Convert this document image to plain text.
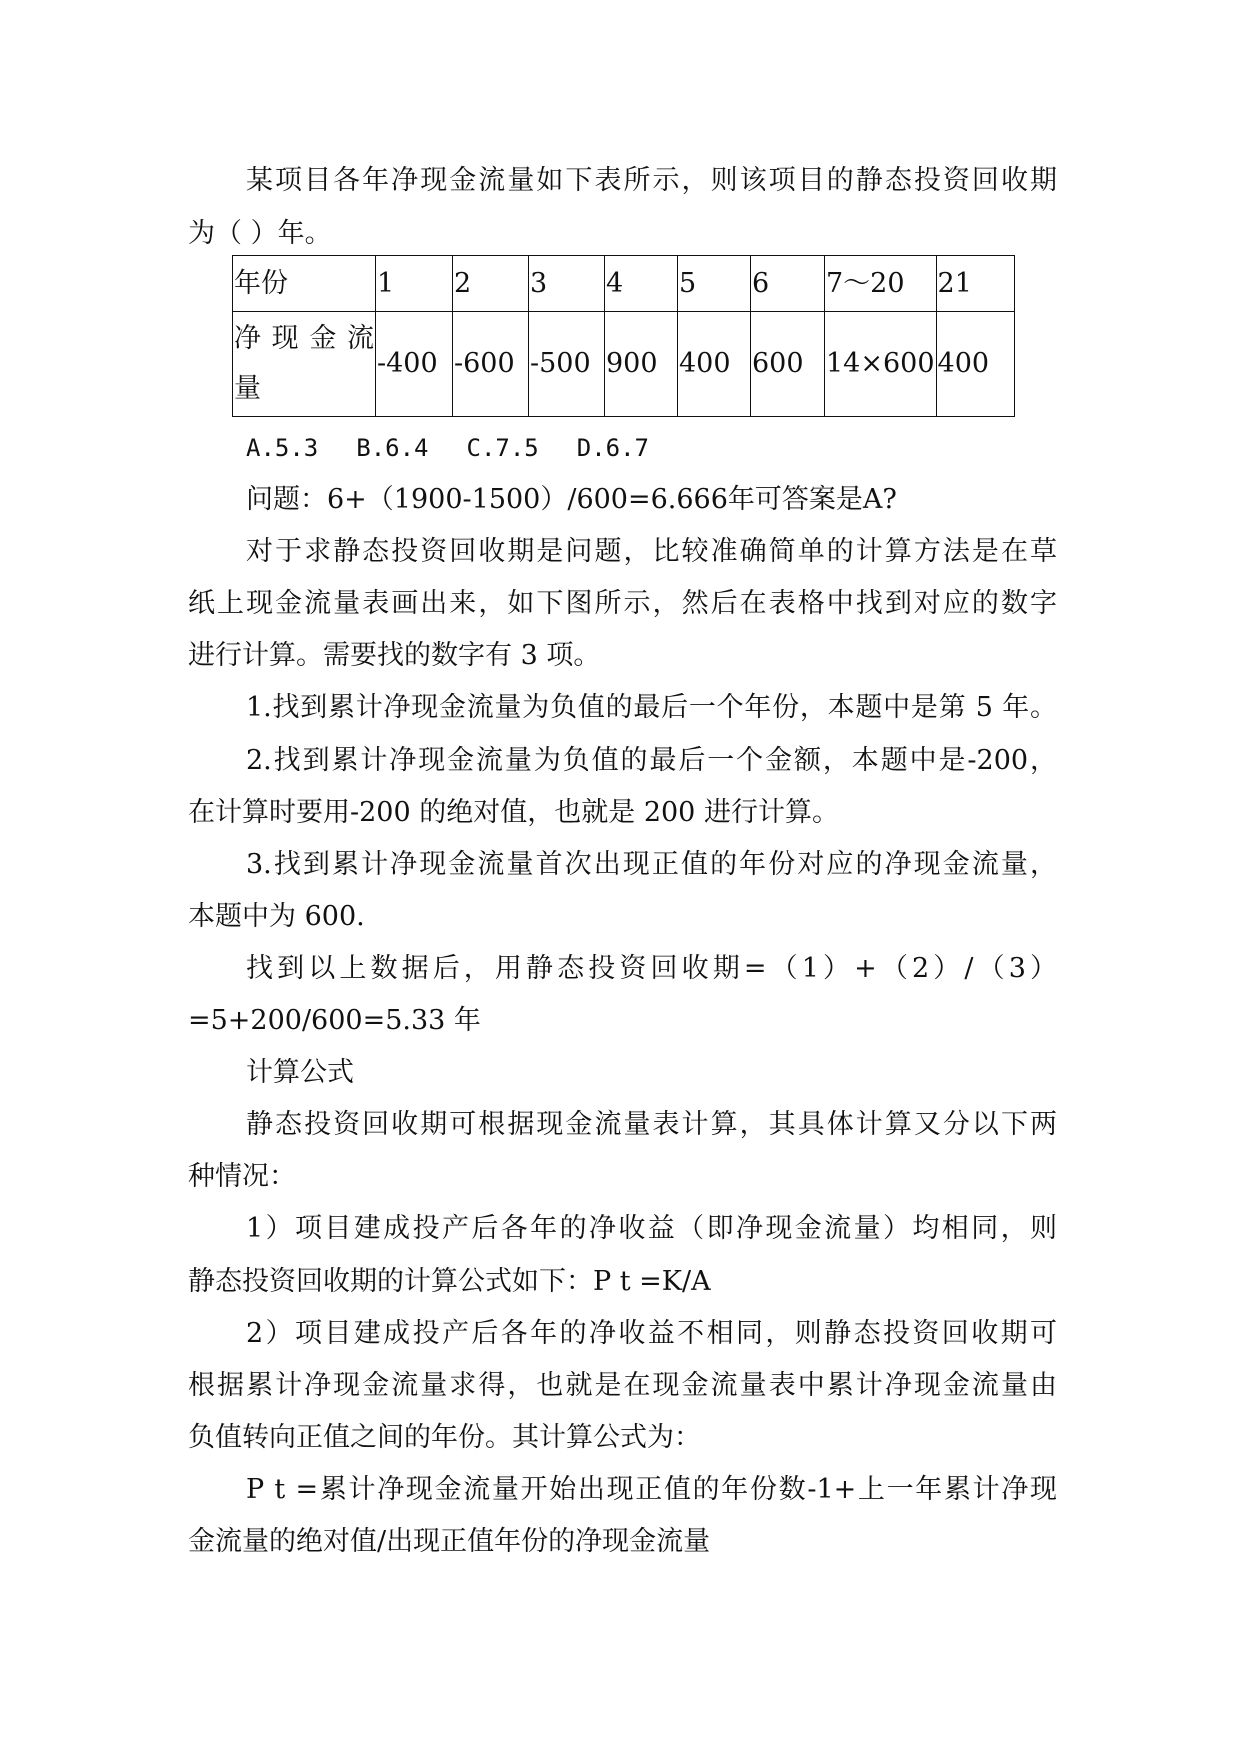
某项目各年净现金流量如下表所示，则该项目的静态投资回收期
为（ ）年。
年份	1	2	3	4	5	6	7～20	21

净 现 金 流
量	-400	-600	-500	900	400	600	14×600	400
A.5.3 B.6.4 C.7.5 D.6.7
问题：6+（1900-1500）/600=6.666年可答案是A?
对于求静态投资回收期是问题，比较准确简单的计算方法是在草
纸上现金流量表画出来，如下图所示，然后在表格中找到对应的数字
进行计算。需要找的数字有 3 项。
1.找到累计净现金流量为负值的最后一个年份，本题中是第 5 年。
2.找到累计净现金流量为负值的最后一个金额，本题中是-200，
在计算时要用-200 的绝对值，也就是 200 进行计算。
3.找到累计净现金流量首次出现正值的年份对应的净现金流量，
本题中为 600.
找到以上数据后，用静态投资回收期=（1）+（2）/（3）
=5+200/600=5.33 年
计算公式
静态投资回收期可根据现金流量表计算，其具体计算又分以下两
种情况：
1）项目建成投产后各年的净收益（即净现金流量）均相同，则
静态投资回收期的计算公式如下：P t =K/A
2）项目建成投产后各年的净收益不相同，则静态投资回收期可
根据累计净现金流量求得，也就是在现金流量表中累计净现金流量由
负值转向正值之间的年份。其计算公式为：
P t =累计净现金流量开始出现正值的年份数-1+上一年累计净现
金流量的绝对值/出现正值年份的净现金流量
